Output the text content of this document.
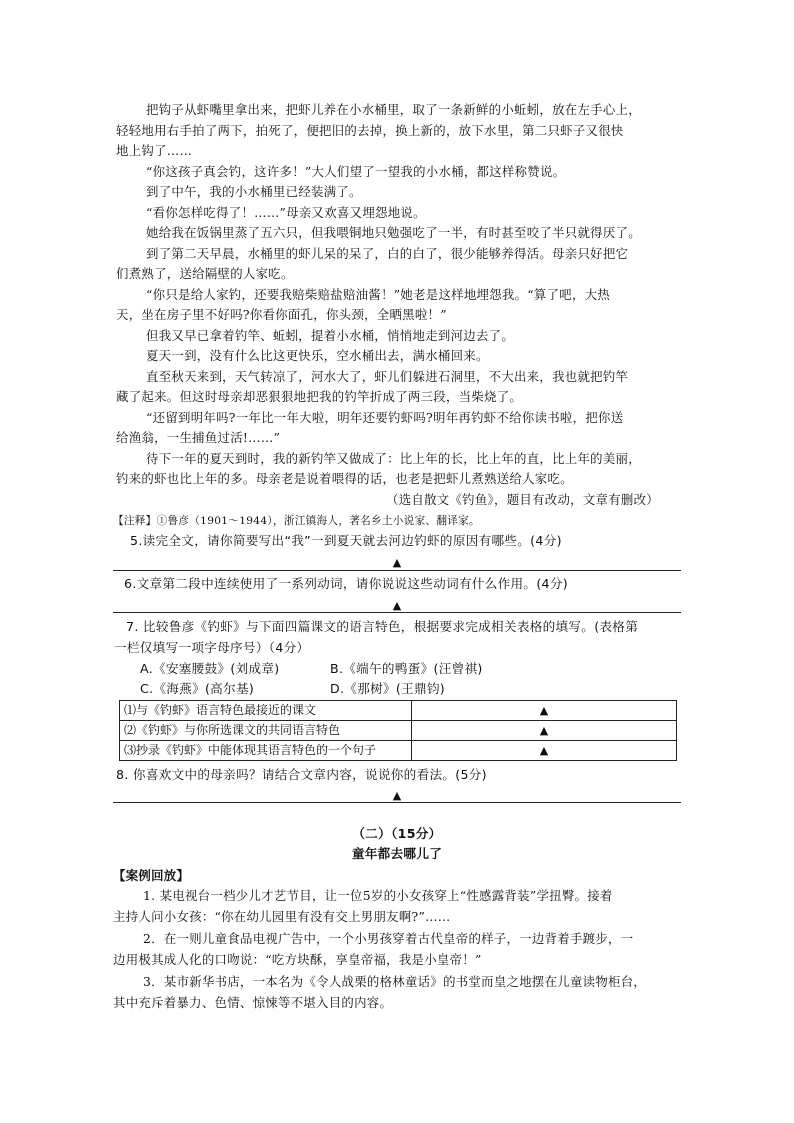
把钩子从虾嘴里拿出来，把虾儿养在小水桶里，取了一条新鲜的小蚯蚓，放在左手心上，
轻轻地用右手拍了两下，拍死了，便把旧的去掉，换上新的，放下水里，第二只虾子又很快
地上钩了……
“你这孩子真会钓，这许多！”大人们望了一望我的小水桶，都这样称赞说。
到了中午，我的小水桶里已经装满了。
“看你怎样吃得了！……”母亲又欢喜又埋怨地说。
她给我在饭锅里蒸了五六只，但我喂铜地只勉强吃了一半，有时甚至咬了半只就得厌了。
到了第二天早晨，水桶里的虾儿呆的呆了，白的白了，很少能够养得活。母亲只好把它
们煮熟了，送给隔壁的人家吃。
“你只是给人家钓，还要我赔柴赔盐赔油酱！”她老是这样地埋怨我。“算了吧，大热
天，坐在房子里不好吗?你看你面孔，你头颈，全晒黑啦！”
但我又早已拿着钓竿、蚯蚓，提着小水桶，悄悄地走到河边去了。
夏天一到，没有什么比这更快乐，空水桶出去，满水桶回来。
直至秋天来到，天气转凉了，河水大了，虾儿们躲进石洞里，不大出来，我也就把钓竿
藏了起来。但这时母亲却恶狠狠地把我的钓竿折成了两三段，当柴烧了。
“还留到明年吗?一年比一年大啦，明年还要钓虾吗?明年再钓虾不给你读书啦，把你送
给渔翁，一生捕鱼过活!……”
待下一年的夏天到时，我的新钓竿又做成了：比上年的长，比上年的直，比上年的美丽，
钓来的虾也比上年的多。母亲老是说着喂得的话，也老是把虾儿煮熟送给人家吃。
（选自散文《钓鱼》，题目有改动，文章有删改）
【注释】①鲁彦（1901～1944），浙江镇海人，著名乡土小说家、翻译家。
5.读完全文，请你简要写出“我”一到夏天就去河边钓虾的原因有哪些。(4分)
▲
6.文章第二段中连续使用了一系列动词，请你说说这些动词有什么作用。(4分)
▲
7. 比较鲁彦《钓虾》与下面四篇课文的语言特色，根据要求完成相关表格的填写。(表格第
一栏仅填写一项字母序号）（4分）
A.《安塞腰鼓》(刘成章)	B.《端午的鸭蛋》(汪曾祺)
C.《海燕》(高尔基)	D.《那树》(王鼎钧)
⑴与《钓虾》语言特色最接近的课文	▲
⑵《钓虾》与你所选课文的共同语言特色	▲
⑶抄录《钓虾》中能体现其语言特色的一个句子	▲
8. 你喜欢文中的母亲吗？请结合文章内容，说说你的看法。(5分)
▲
（二）（15分）
童年都去哪儿了
【案例回放】
1. 某电视台一档少儿才艺节目，让一位5岁的小女孩穿上“性感露背装”学扭臀。接着
主持人问小女孩：“你在幼儿园里有没有交上男朋友啊?”……
2．在一则儿童食品电视广告中，一个小男孩穿着古代皇帝的样子，一边背着手踱步，一
边用极其成人化的口吻说：“吃方块酥，享皇帝福，我是小皇帝！”
3．某市新华书店，一本名为《令人战栗的格林童话》的书堂而皇之地摆在儿童读物柜台，
其中充斥着暴力、色情、惊悚等不堪入目的内容。
